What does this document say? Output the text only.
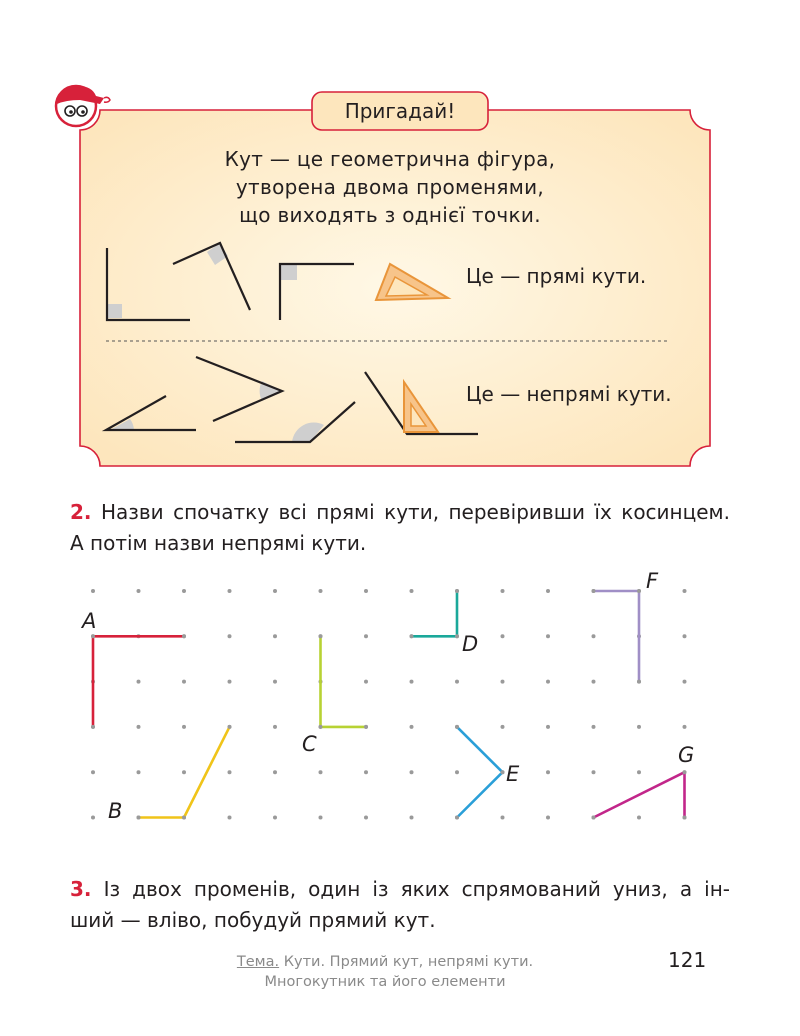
Пригадай!
Кут — це геометрична фігура,
утворена двома променями,
що виходять з однієї точки.
Це — прямі кути.
Це — непрямі кути.
2. Назви спочатку всі прямі кути, перевіривши їх косинцем.
А потім назви непрямі кути.
A
B
C
D
E
F
G
3. Із двох променів, один із яких спрямований униз, а ін-
ший — вліво, побудуй прямий кут.
Тема. Кути. Прямий кут, непрямі кути.
Многокутник та його елементи
121
